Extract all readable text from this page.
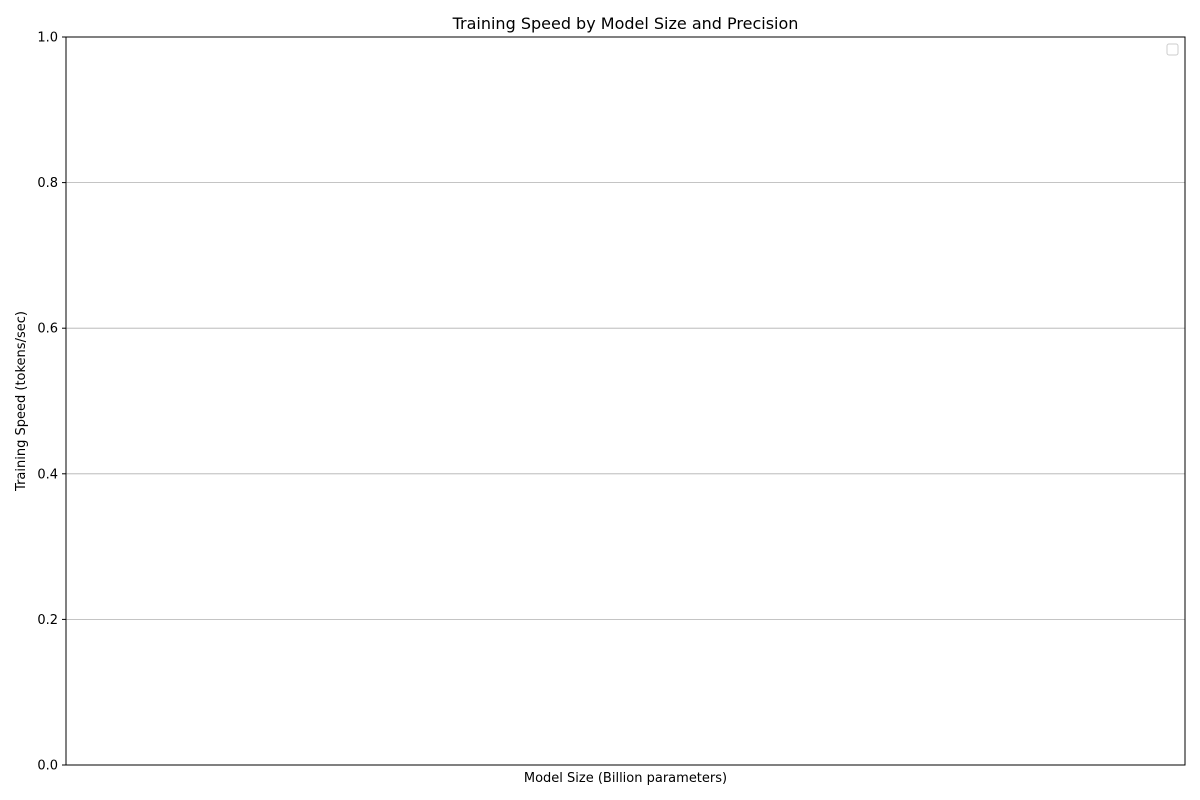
Training Speed by Model Size and Precision
0.0
0.2
0.4
0.6
0.8
1.0
Model Size (Billion parameters)
Training Speed (tokens/sec)
